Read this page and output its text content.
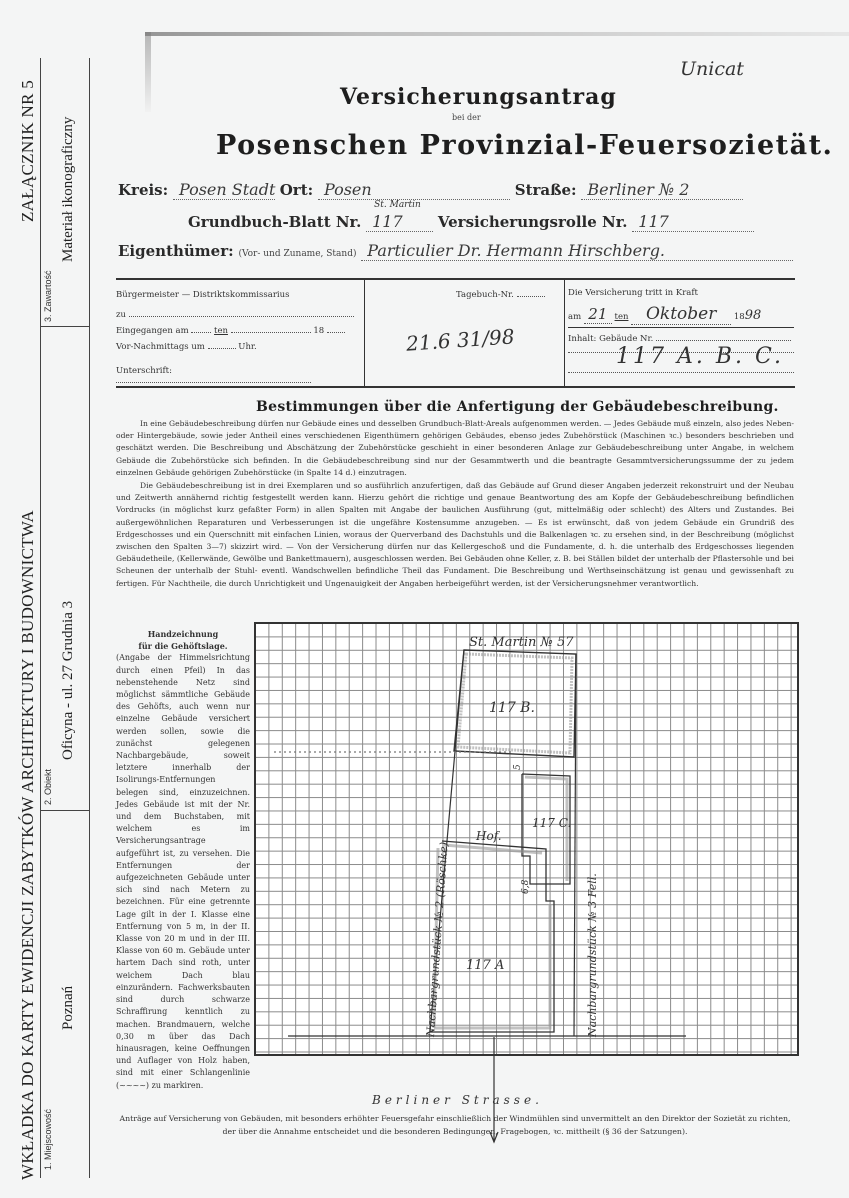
WKŁADKA DO KARTY EWIDENCJI ZABYTKÓW ARCHITEKTURY I BUDOWNICTWA
ZAŁĄCZNIK NR 5
1. Miejscowość
Poznań
2. Obiekt
Oficyna - ul. 27 Grudnia 3
3. Zawartość
Materiał ikonograficzny
Unicat
Versicherungsantrag
bei der
Posenschen Provinzial-Feuersozietät.
Kreis: Posen Stadt Ort: Posen	Straße: Berliner № 2
Grundbuch-Blatt Nr.
St. Martin
117 Versicherungsrolle Nr. 117
Eigenthümer: (Vor- und Zuname, Stand) Particulier Dr. Hermann Hirschberg.
Bürgermeister — Distriktskommissarius
zu
Eingegangen am	ten	18
Vor-Nachmittags um	Uhr.
Unterschrift:
Tagebuch-Nr.
21.6 31/98
Die Versicherung tritt in Kraft
am 21 ten Oktober 1898
Inhalt: Gebäude Nr.
117 A. B. C.
Bestimmungen über die Anfertigung der Gebäudebeschreibung.
In eine Gebäudebeschreibung dürfen nur Gebäude eines und desselben Grundbuch-Blatt-Areals aufgenommen werden. — Jedes Gebäude muß einzeln, also jedes Neben- oder Hintergebäude, sowie jeder Antheil eines verschiedenen Eigenthümern gehörigen Gebäudes, ebenso jedes Zubehörstück (Maschinen ꝛc.) besonders beschrieben und geschätzt werden. Die Beschreibung und Abschätzung der Zubehörstücke geschieht in einer besonderen Anlage zur Gebäudebeschreibung unter Angabe, in welchem Gebäude die Zubehörstücke sich befinden. In die Gebäudebeschreibung sind nur der Gesammtwerth und die beantragte Gesammtversicherungssumme der zu jedem einzelnen Gebäude gehörigen Zubehörstücke (in Spalte 14 d.) einzutragen.
Die Gebäudebeschreibung ist in drei Exemplaren und so ausführlich anzufertigen, daß das Gebäude auf Grund dieser Angaben jederzeit rekonstruirt und der Neubau und Zeitwerth annähernd richtig festgestellt werden kann. Hierzu gehört die richtige und genaue Beantwortung des am Kopfe der Gebäudebeschreibung befindlichen Vordrucks (in möglichst kurz gefaßter Form) in allen Spalten mit Angabe der baulichen Ausführung (gut, mittelmäßig oder schlecht) des Alters und Zustandes. Bei außergewöhnlichen Reparaturen und Verbesserungen ist die ungefähre Kostensumme anzugeben. — Es ist erwünscht, daß von jedem Gebäude ein Grundriß des Erdgeschosses und ein Querschnitt mit einfachen Linien, woraus der Querverband des Dachstuhls und die Balkenlagen ꝛc. zu ersehen sind, in der Beschreibung (möglichst zwischen den Spalten 3—7) skizzirt wird. — Von der Versicherung dürfen nur das Kellergeschoß und die Fundamente, d. h. die unterhalb des Erdgeschosses liegenden Gebäudetheile, (Kellerwände, Gewölbe und Bankettmauern), ausgeschlossen werden. Bei Gebäuden ohne Keller, z. B. bei Ställen bildet der unterhalb der Pflastersohle und bei Scheunen der unterhalb der Stuhl- eventl. Wandschwellen befindliche Theil das Fundament. Die Beschreibung und Werthseinschätzung ist genau und gewissenhaft zu fertigen. Für Nachtheile, die durch Unrichtigkeit und Ungenauigkeit der Angaben herbeigeführt werden, ist der Versicherungsnehmer verantwortlich.
Handzeichnung
für die Gehöftslage.
(Angabe der Himmelsrichtung durch einen Pfeil) In das nebenstehende Netz sind möglichst sämmtliche Gebäude des Gehöfts, auch wenn nur einzelne Gebäude versichert werden sollen, sowie die zunächst gelegenen Nachbargebäude, soweit letztere innerhalb der Isolirungs-Entfernungen belegen sind, einzuzeichnen. Jedes Gebäude ist mit der Nr. und dem Buchstaben, mit welchem es im Versicherungsantrage aufgeführt ist, zu versehen. Die Entfernungen der aufgezeichneten Gebäude unter sich sind nach Metern zu bezeichnen. Für eine getrennte Lage gilt in der I. Klasse eine Entfernung von 5 m, in der II. Klasse von 20 m und in der III. Klasse von 60 m. Gebäude unter hartem Dach sind roth, unter weichem Dach blau einzurändern. Fachwerksbauten sind durch schwarze Schraffirung kenntlich zu machen. Brandmauern, welche 0,30 m über das Dach hinausragen, keine Oeffnungen und Auflager von Holz haben, sind mit einer Schlangenlinie (~~~~) zu markiren.
St. Martin № 57
117 B.
117 C.
117 A
Hof.
Berliner Strasse.
Nachbargrundstück № 2 (Röschke)	Nachbargrundstück № 3 Fell.
5
6,8
Anträge auf Versicherung von Gebäuden, mit besonders erhöhter Feuersgefahr einschließlich der Windmühlen sind unvermittelt an den Direktor der Sozietät zu richten, der über die Annahme entscheidet und die besonderen Bedingungen, Fragebogen, ꝛc. mittheilt (§ 36 der Satzungen).
